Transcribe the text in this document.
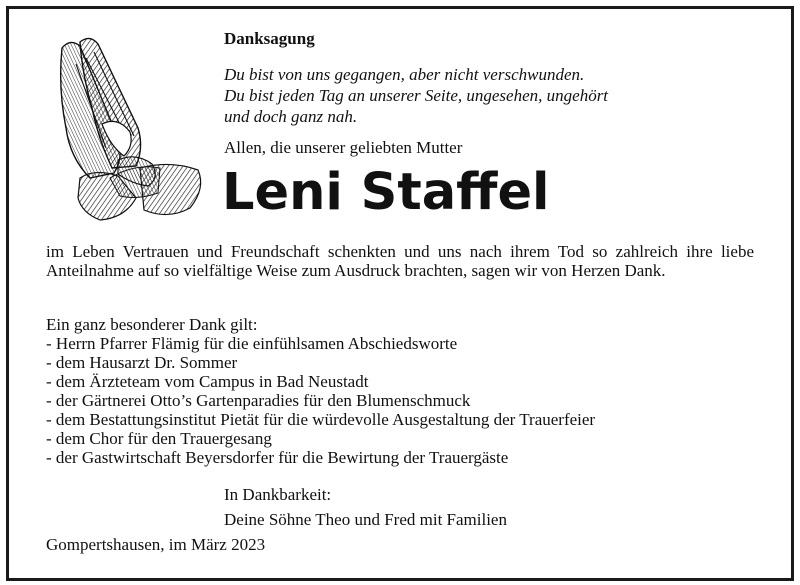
Danksagung
Du bist von uns gegangen, aber nicht verschwunden.
Du bist jeden Tag an unserer Seite, ungesehen, ungehört
und doch ganz nah.
Allen, die unserer geliebten Mutter
Leni Staffel
im Leben Vertrauen und Freundschaft schenkten und uns nach ihrem Tod so zahlreich ihre liebe Anteilnahme auf so vielfältige Weise zum Ausdruck brachten, sagen wir von Herzen Dank.
Ein ganz besonderer Dank gilt:
- Herrn Pfarrer Flämig für die einfühlsamen Abschiedsworte
- dem Hausarzt Dr. Sommer
- dem Ärzteteam vom Campus in Bad Neustadt
- der Gärtnerei Otto’s Gartenparadies für den Blumenschmuck
- dem Bestattungsinstitut Pietät für die würdevolle Ausgestaltung der Trauerfeier
- dem Chor für den Trauergesang
- der Gastwirtschaft Beyersdorfer für die Bewirtung der Trauergäste
In Dankbarkeit:
Deine Söhne Theo und Fred mit Familien
Gompertshausen, im März 2023
